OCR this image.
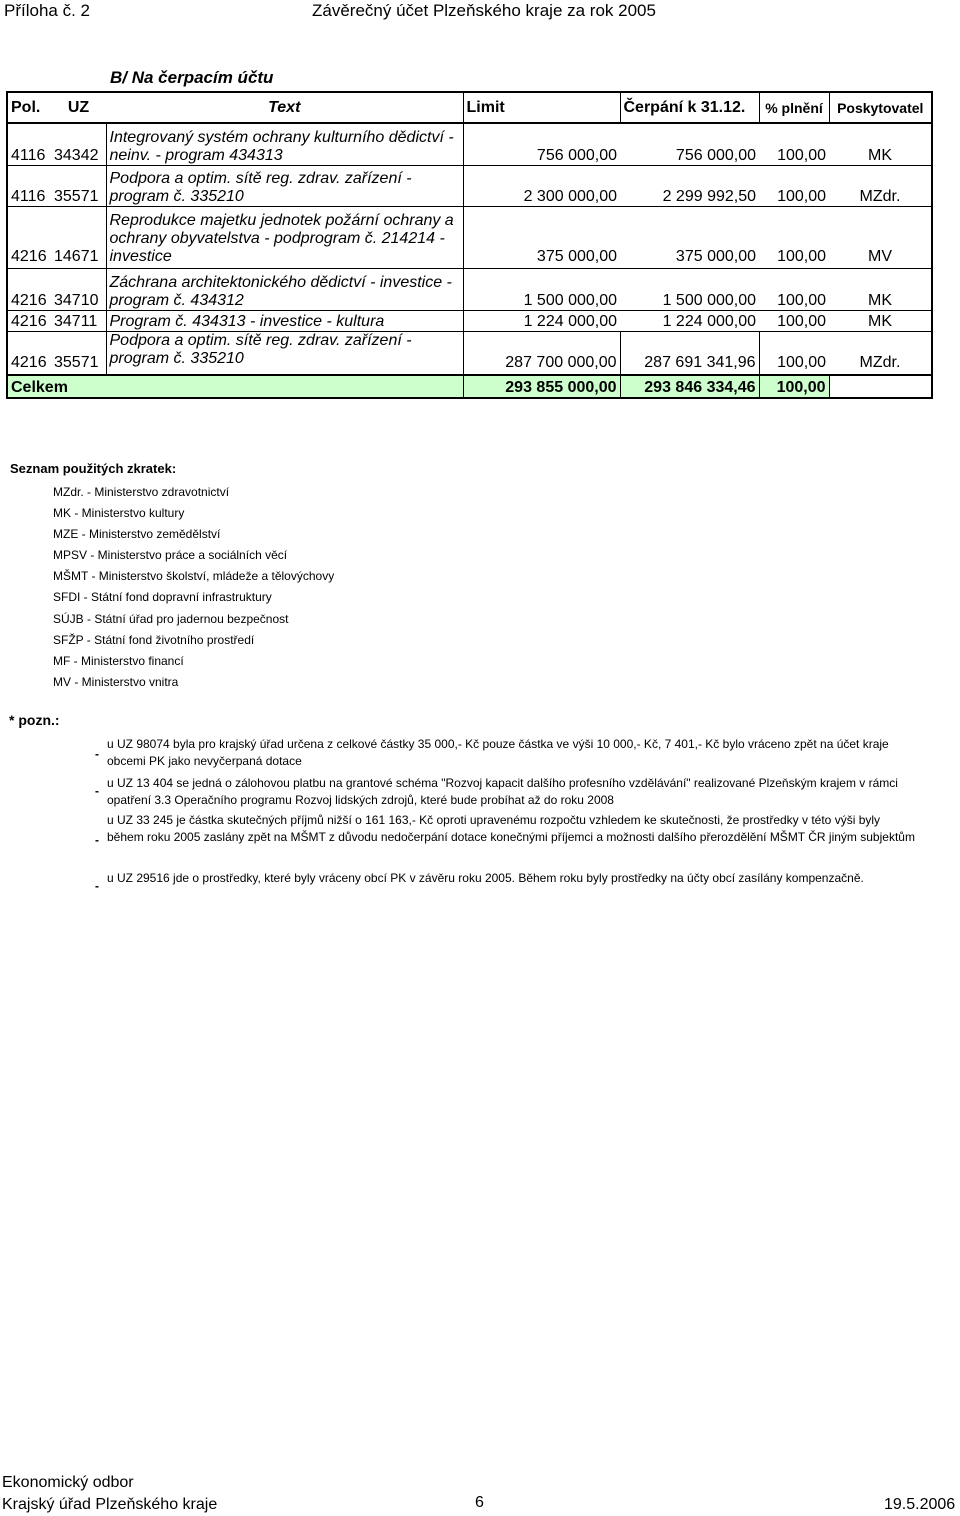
Příloha č. 2	Závěrečný účet Plzeňského kraje za rok 2005
B/ Na čerpacím účtu
Pol.	UZ	Text	Limit	Čerpání k 31.12.	% plnění	Poskytovatel
4116	34342	Integrovaný systém ochrany kulturního dědictví - neinv. - program 434313	756 000,00	756 000,00	100,00	MK
4116	35571	Podpora a optim. sítě reg. zdrav. zařízení - program č. 335210	2 300 000,00	2 299 992,50	100,00	MZdr.
4216	14671	Reprodukce majetku jednotek požární ochrany a ochrany obyvatelstva - podprogram č. 214214 - investice	375 000,00	375 000,00	100,00	MV
4216	34710	Záchrana architektonického dědictví - investice - program č. 434312	1 500 000,00	1 500 000,00	100,00	MK
4216	34711	Program č. 434313 - investice - kultura	1 224 000,00	1 224 000,00	100,00	MK
4216	35571	Podpora a optim. sítě reg. zdrav. zařízení - program č. 335210	287 700 000,00	287 691 341,96	100,00	MZdr.
Celkem			293 855 000,00	293 846 334,46	100,00	
Seznam použitých zkratek:
MZdr. - Ministerstvo zdravotnictví
MK - Ministerstvo kultury
MZE - Ministerstvo zemědělství
MPSV - Ministerstvo práce a sociálních věcí
MŠMT - Ministerstvo školství, mládeže a tělovýchovy
SFDI - Státní fond dopravní infrastruktury
SÚJB - Státní úřad pro jadernou bezpečnost
SFŽP - Státní fond životního prostředí
MF - Ministerstvo financí
MV - Ministerstvo vnitra
* pozn.:
-
u UZ 98074 byla pro krajský úřad určena z celkové částky 35 000,- Kč pouze částka ve výši 10 000,- Kč, 7 401,- Kč bylo vráceno zpět na účet kraje obcemi PK jako nevyčerpaná dotace
-
u UZ 13 404 se jedná o zálohovou platbu na grantové schéma "Rozvoj kapacit dalšího profesního vzdělávání" realizované Plzeňským krajem v rámci opatření 3.3 Operačního programu Rozvoj lidských zdrojů, které bude probíhat až do roku 2008
-
u UZ 33 245 je částka skutečných příjmů nižší o 161 163,- Kč oproti upravenému rozpočtu vzhledem ke skutečnosti, že prostředky v této výši byly během roku 2005 zaslány zpět na MŠMT z důvodu nedočerpání dotace konečnými příjemci a možnosti dalšího přerozdělění MŠMT ČR jiným subjektům
-
u UZ 29516 jde o prostředky, které byly vráceny obcí PK v závěru roku 2005. Během roku byly prostředky na účty obcí zasílány kompenzačně.
Ekonomický odbor
Krajský úřad Plzeňského kraje	6	19.5.2006
